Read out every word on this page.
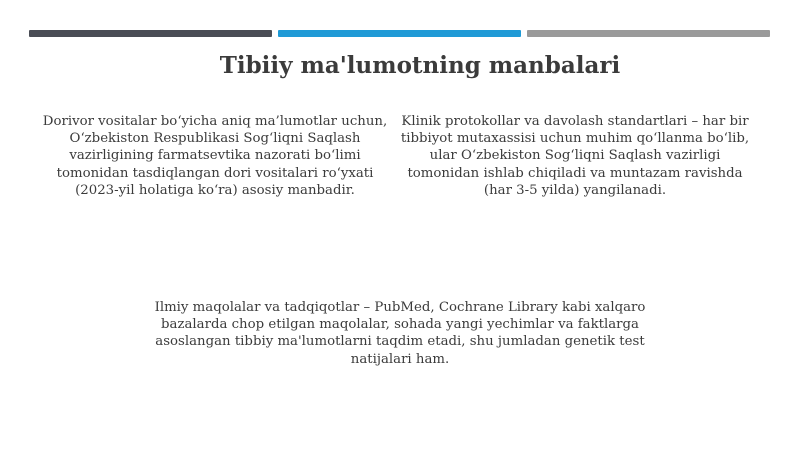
Tibiiy ma'lumotning manbalari

Dorivor vositalar bo‘yicha aniq ma’lumotlar uchun, O‘zbekiston Respublikasi Sog‘liqni Saqlash vazirligining farmatsevtika nazorati bo‘limi tomonidan tasdiqlangan dori vositalari ro‘yxati (2023-yil holatiga ko‘ra) asosiy manbadir.

Klinik protokollar va davolash standartlari – har bir tibbiyot mutaxassisi uchun muhim qo‘llanma bo‘lib, ular O‘zbekiston Sog‘liqni Saqlash vazirligi tomonidan ishlab chiqiladi va muntazam ravishda (har 3-5 yilda) yangilanadi.

Ilmiy maqolalar va tadqiqotlar – PubMed, Cochrane Library kabi xalqaro bazalarda chop etilgan maqolalar, sohada yangi yechimlar va faktlarga asoslangan tibbiy ma'lumotlarni taqdim etadi, shu jumladan genetik test natijalari ham.
